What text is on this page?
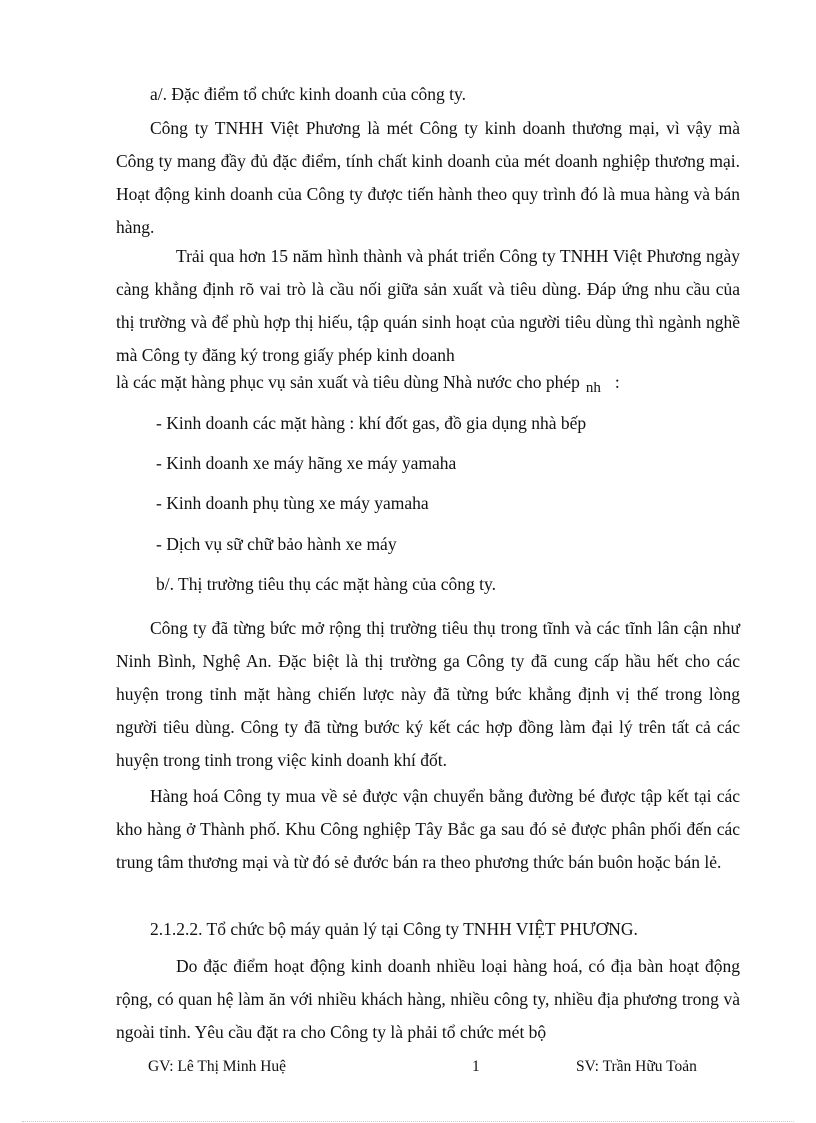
a/. Đặc điểm tổ chức kinh doanh của công ty.
Công ty TNHH Việt Phương là mét Công ty kinh doanh thương mại, vì vậy mà Công ty mang đầy đủ đặc điểm, tính chất kinh doanh của mét doanh nghiệp thương mại. Hoạt động kinh doanh của Công ty được tiến hành theo quy trình đó là mua hàng và bán hàng.
Trải qua hơn 15 năm hình thành và phát triển Công ty TNHH Việt Phương ngày càng khẳng định rõ vai trò là cầu nối giữa sản xuất và tiêu dùng. Đáp ứng nhu cầu của thị trường và để phù hợp thị hiếu, tập quán sinh hoạt của người tiêu dùng thì ngành nghề mà Công ty đăng ký trong giấy phép kinh doanh
là các mặt hàng phục vụ sản xuất và tiêu dùng Nhà nước cho phép nh :
- Kinh doanh các mặt hàng : khí đốt gas, đồ gia dụng nhà bếp
- Kinh doanh xe máy hãng xe máy yamaha
- Kinh doanh phụ tùng xe máy yamaha
- Dịch vụ sữ chữ bảo hành xe máy
b/. Thị trường tiêu thụ các mặt hàng của công ty.
Công ty đã từng bức mở rộng thị trường tiêu thụ trong tĩnh và các tĩnh lân cận như Ninh Bình, Nghệ An. Đặc biệt là thị trường ga Công ty đã cung cấp hầu hết cho các huyện trong tỉnh mặt hàng chiến lược này đã từng bức khẳng định vị thế trong lòng người tiêu dùng. Công ty đã từng bước ký kết các hợp đồng làm đại lý trên tất cả các huyện trong tinh trong việc kinh doanh khí đốt.
Hàng hoá Công ty mua về sẻ được vận chuyển bằng đường bé được tập kết tại các kho hàng ở Thành phố. Khu Công nghiệp Tây Bắc ga sau đó sẻ được phân phối đến các trung tâm thương mại và từ đó sẻ đước bán ra theo phương thức bán buôn hoặc bán lẻ.
2.1.2.2. Tổ chức bộ máy quản lý tại Công ty TNHH VIỆT PHƯƠNG.
Do đặc điểm hoạt động kinh doanh nhiều loại hàng hoá, có địa bàn hoạt động rộng, có quan hệ làm ăn với nhiều khách hàng, nhiều công ty, nhiều địa phương trong và ngoài tỉnh. Yêu cầu đặt ra cho Công ty là phải tổ chức mét bộ
GV: Lê Thị Minh Huệ	1	SV: Trần Hữu Toản
